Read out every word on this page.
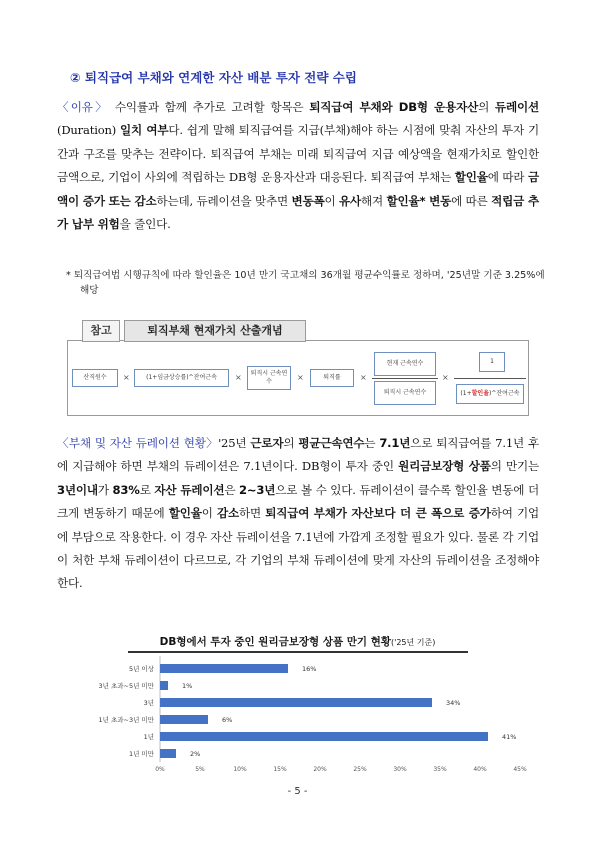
② 퇴직급여 부채와 연계한 자산 배분 투자 전략 수립
〈이유〉 수익률과 함께 추가로 고려할 항목은 퇴직급여 부채와 DB형 운용자산의 듀레이션(Duration) 일치 여부다. 쉽게 말해 퇴직급여를 지급(부채)해야 하는 시점에 맞춰 자산의 투자 기간과 구조를 맞추는 전략이다. 퇴직급여 부채는 미래 퇴직급여 지급 예상액을 현재가치로 할인한 금액으로, 기업이 사외에 적립하는 DB형 운용자산과 대응된다. 퇴직급여 부채는 할인율에 따라 금액이 증가 또는 감소하는데, 듀레이션을 맞추면 변동폭이 유사해져 할인율* 변동에 따른 적립금 추가 납부 위험을 줄인다.
* 퇴직급여법 시행규칙에 따라 할인율은 10년 만기 국고채의 36개월 평균수익률로 정하며, '25년말 기준 3.25%에 해당
참고	퇴직부채 현재가치 산출개념
산직원수	×	(1+임금상승률)^잔여근속	×	퇴직시 근속연수	×	퇴직률	×
현재 근속연수
퇴직시 근속연수
×
1
(1+ 할인율 )^잔여근속
〈부채 및 자산 듀레이션 현황〉'25년 근로자의 평균근속연수는 7.1년으로 퇴직급여를 7.1년 후에 지급해야 하면 부채의 듀레이션은 7.1년이다. DB형이 투자 중인 원리금보장형 상품의 만기는 3년이내가 83%로 자산 듀레이션은 2~3년으로 볼 수 있다. 듀레이션이 클수록 할인율 변동에 더 크게 변동하기 때문에 할인율이 감소하면 퇴직급여 부채가 자산보다 더 큰 폭으로 증가하여 기업에 부담으로 작용한다. 이 경우 자산 듀레이션을 7.1년에 가깝게 조정할 필요가 있다. 물론 각 기업이 처한 부채 듀레이션이 다르므로, 각 기업의 부채 듀레이션에 맞게 자산의 듀레이션을 조정해야 한다.
DB형에서 투자 중인 원리금보장형 상품 만기 현황('25년 기준)
5년 이상	16%
3년 초과~5년 미만	1%
3년	34%
1년 초과~3년 미만	6%
1년	41%
1년 미만	2%
0%	5%	10%	15%	20%	25%	30%	35%	40%	45%
- 5 -
